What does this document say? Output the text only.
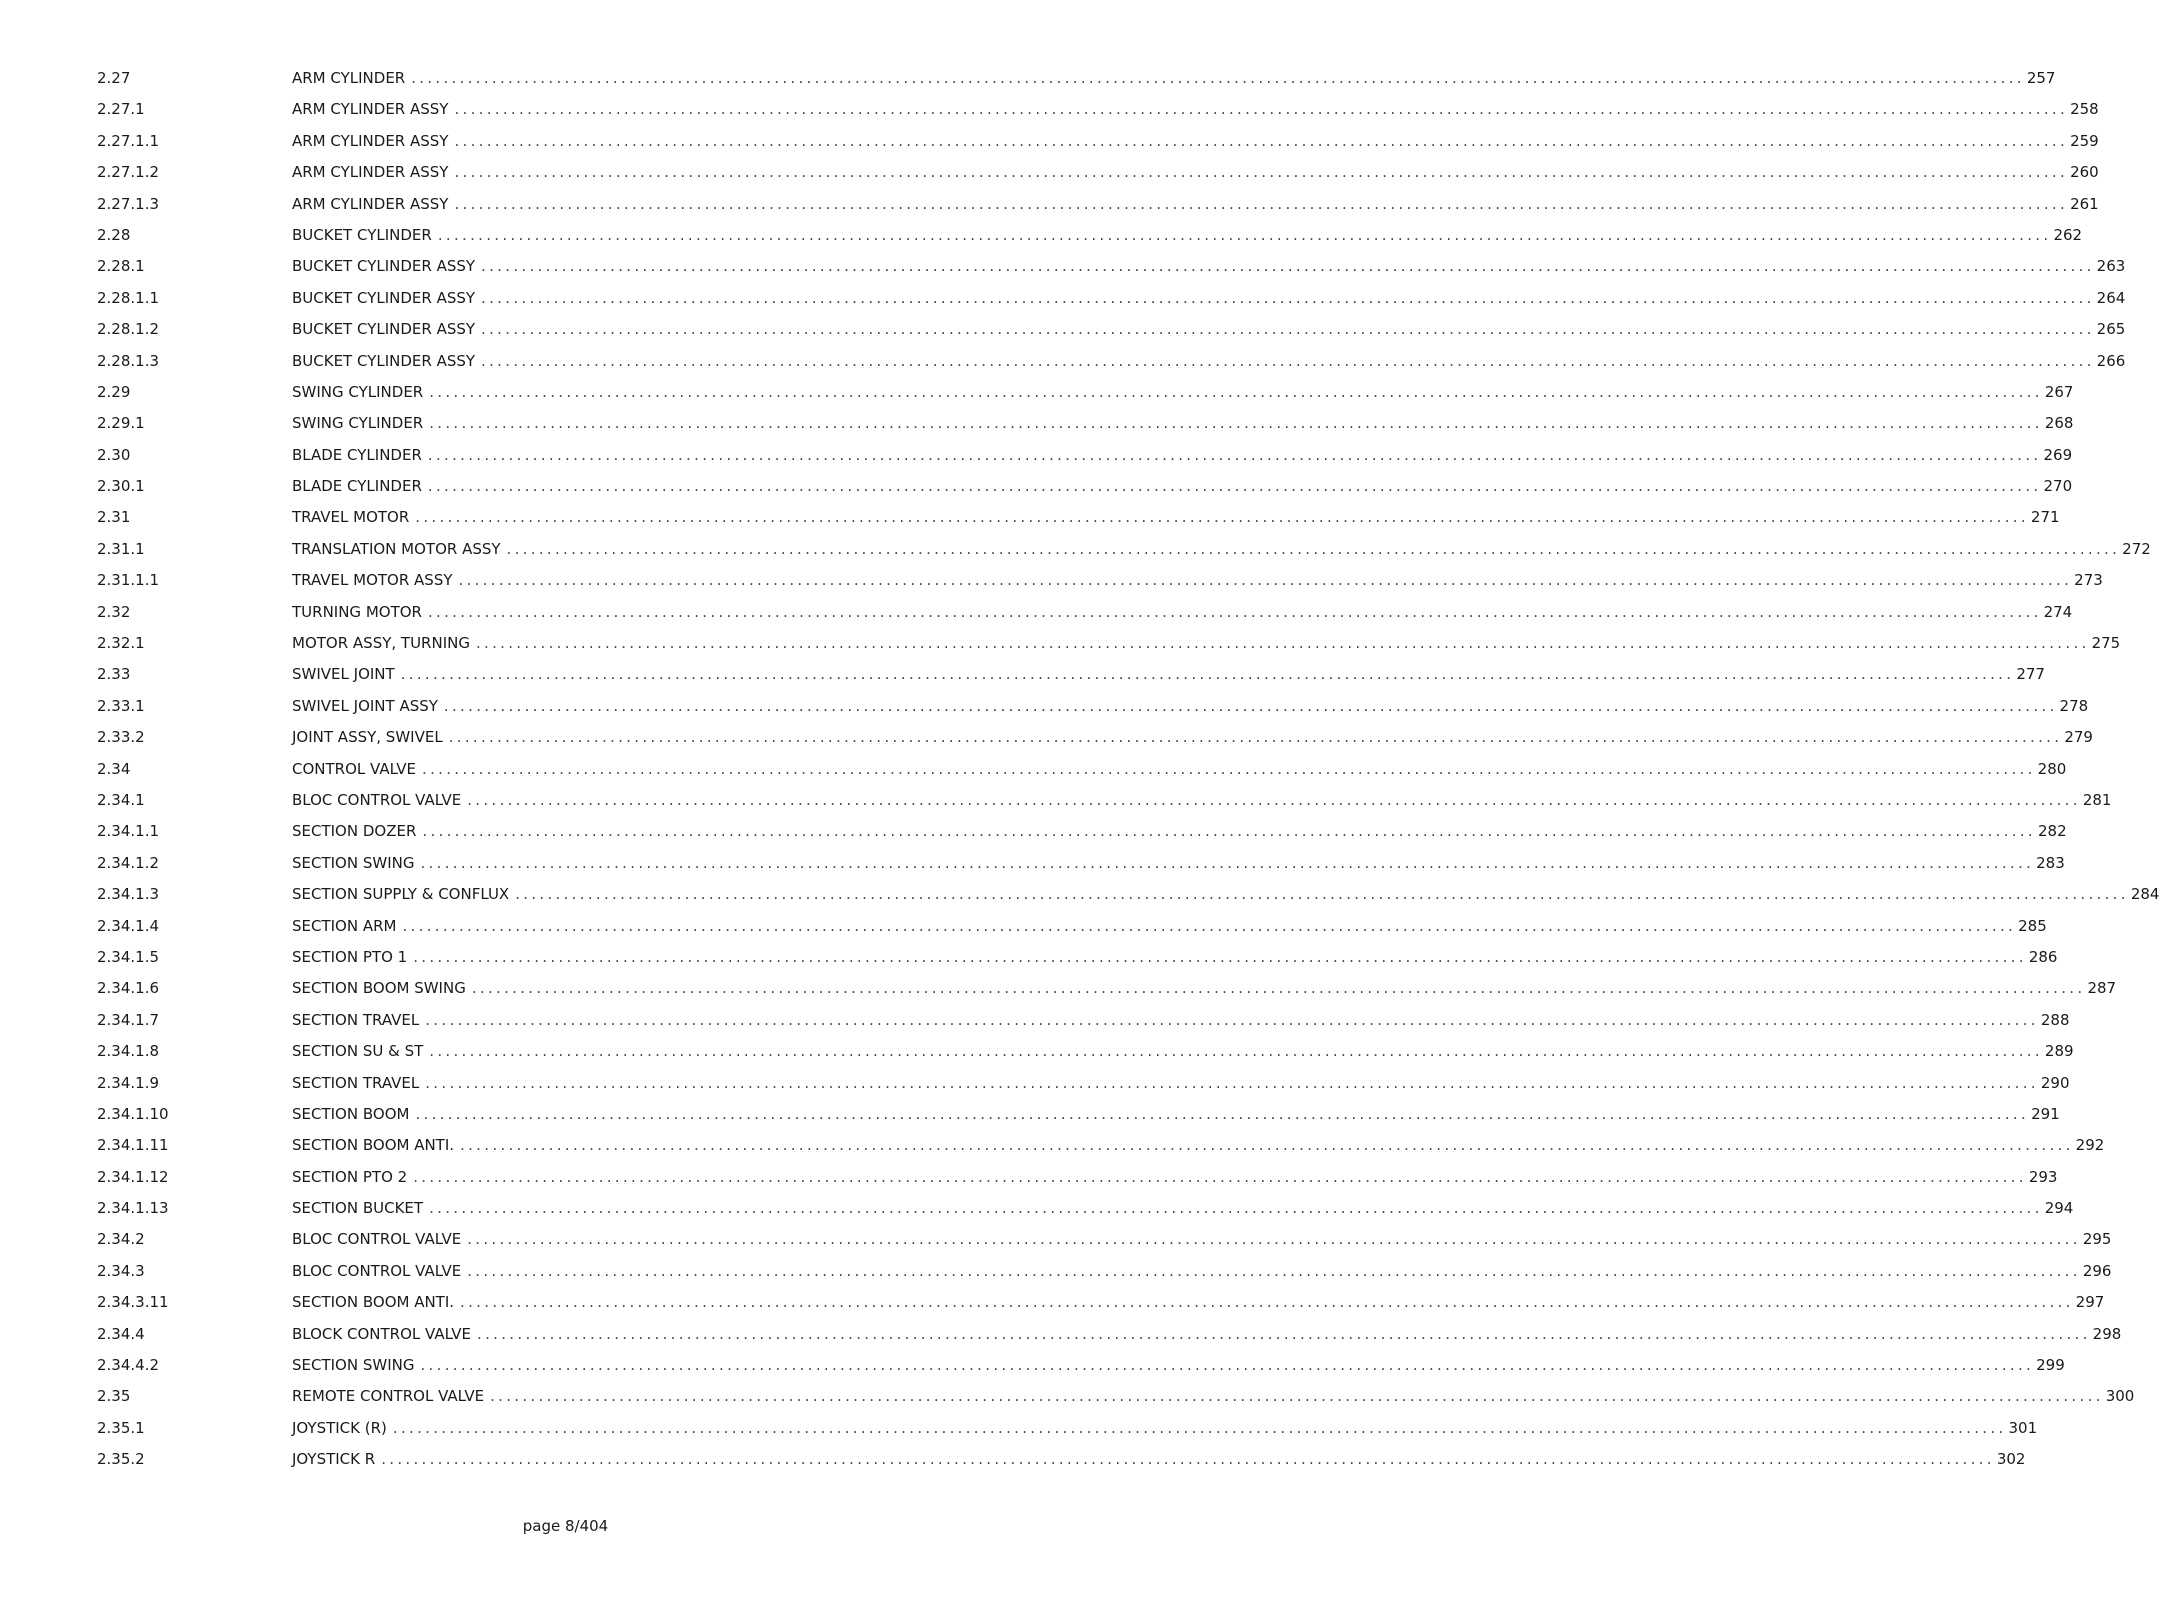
2.27	ARM CYLINDER ........................................................................................................................................................................................................ 257
2.27.1	ARM CYLINDER ASSY ........................................................................................................................................................................................................ 258
2.27.1.1	ARM CYLINDER ASSY ........................................................................................................................................................................................................ 259
2.27.1.2	ARM CYLINDER ASSY ........................................................................................................................................................................................................ 260
2.27.1.3	ARM CYLINDER ASSY ........................................................................................................................................................................................................ 261
2.28	BUCKET CYLINDER ........................................................................................................................................................................................................ 262
2.28.1	BUCKET CYLINDER ASSY ........................................................................................................................................................................................................ 263
2.28.1.1	BUCKET CYLINDER ASSY ........................................................................................................................................................................................................ 264
2.28.1.2	BUCKET CYLINDER ASSY ........................................................................................................................................................................................................ 265
2.28.1.3	BUCKET CYLINDER ASSY ........................................................................................................................................................................................................ 266
2.29	SWING CYLINDER ........................................................................................................................................................................................................ 267
2.29.1	SWING CYLINDER ........................................................................................................................................................................................................ 268
2.30	BLADE CYLINDER ........................................................................................................................................................................................................ 269
2.30.1	BLADE CYLINDER ........................................................................................................................................................................................................ 270
2.31	TRAVEL MOTOR ........................................................................................................................................................................................................ 271
2.31.1	TRANSLATION MOTOR ASSY ........................................................................................................................................................................................................ 272
2.31.1.1	TRAVEL MOTOR ASSY ........................................................................................................................................................................................................ 273
2.32	TURNING MOTOR ........................................................................................................................................................................................................ 274
2.32.1	MOTOR ASSY, TURNING ........................................................................................................................................................................................................ 275
2.33	SWIVEL JOINT ........................................................................................................................................................................................................ 277
2.33.1	SWIVEL JOINT ASSY ........................................................................................................................................................................................................ 278
2.33.2	JOINT ASSY, SWIVEL ........................................................................................................................................................................................................ 279
2.34	CONTROL VALVE ........................................................................................................................................................................................................ 280
2.34.1	BLOC CONTROL VALVE ........................................................................................................................................................................................................ 281
2.34.1.1	SECTION DOZER ........................................................................................................................................................................................................ 282
2.34.1.2	SECTION SWING ........................................................................................................................................................................................................ 283
2.34.1.3	SECTION SUPPLY & CONFLUX ........................................................................................................................................................................................................ 284
2.34.1.4	SECTION ARM ........................................................................................................................................................................................................ 285
2.34.1.5	SECTION PTO 1 ........................................................................................................................................................................................................ 286
2.34.1.6	SECTION BOOM SWING ........................................................................................................................................................................................................ 287
2.34.1.7	SECTION TRAVEL ........................................................................................................................................................................................................ 288
2.34.1.8	SECTION SU & ST ........................................................................................................................................................................................................ 289
2.34.1.9	SECTION TRAVEL ........................................................................................................................................................................................................ 290
2.34.1.10	SECTION BOOM ........................................................................................................................................................................................................ 291
2.34.1.11	SECTION BOOM ANTI. ........................................................................................................................................................................................................ 292
2.34.1.12	SECTION PTO 2 ........................................................................................................................................................................................................ 293
2.34.1.13	SECTION BUCKET ........................................................................................................................................................................................................ 294
2.34.2	BLOC CONTROL VALVE ........................................................................................................................................................................................................ 295
2.34.3	BLOC CONTROL VALVE ........................................................................................................................................................................................................ 296
2.34.3.11	SECTION BOOM ANTI. ........................................................................................................................................................................................................ 297
2.34.4	BLOCK CONTROL VALVE ........................................................................................................................................................................................................ 298
2.34.4.2	SECTION SWING ........................................................................................................................................................................................................ 299
2.35	REMOTE CONTROL VALVE ........................................................................................................................................................................................................ 300
2.35.1	JOYSTICK (R) ........................................................................................................................................................................................................ 301
2.35.2	JOYSTICK R ........................................................................................................................................................................................................ 302
page 8/404
